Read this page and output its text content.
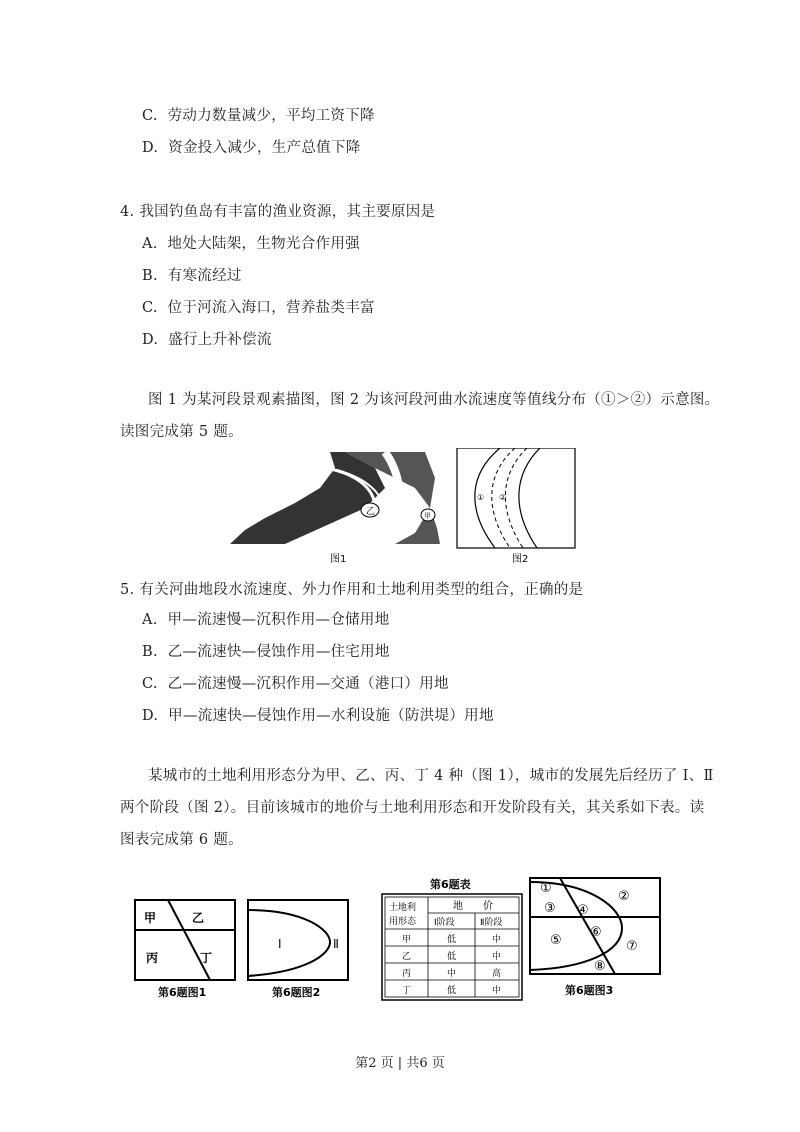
C. 劳动力数量减少，平均工资下降
D. 资金投入减少，生产总值下降
4. 我国钓鱼岛有丰富的渔业资源，其主要原因是
A. 地处大陆架，生物光合作用强
B. 有寒流经过
C. 位于河流入海口，营养盐类丰富
D. 盛行上升补偿流
图 1 为某河段景观素描图，图 2 为该河段河曲水流速度等值线分布（①＞②）示意图。
读图完成第 5 题。
乙	甲
图1
① ②
图2
5. 有关河曲地段水流速度、外力作用和土地利用类型的组合，正确的是
A. 甲—流速慢—沉积作用—仓储用地
B. 乙—流速快—侵蚀作用—住宅用地
C. 乙—流速慢—沉积作用—交通（港口）用地
D. 甲—流速快—侵蚀作用—水利设施（防洪堤）用地
某城市的土地利用形态分为甲、乙、丙、丁 4 种（图 1），城市的发展先后经历了 Ⅰ、Ⅱ
两个阶段（图 2）。目前该城市的地价与土地利用形态和开发阶段有关，其关系如下表。读
图表完成第 6 题。
甲	乙
丙	丁
第6题图1
Ⅰ	Ⅱ
第6题图2
第6题表
土地利
用形态
地　　价
Ⅰ阶段	Ⅱ阶段
甲	低	中
乙	低	中
丙	中	高
丁	低	中
①
②
③ ④
⑤
⑥
⑦
⑧
第6题图3
第2 页 | 共6 页
